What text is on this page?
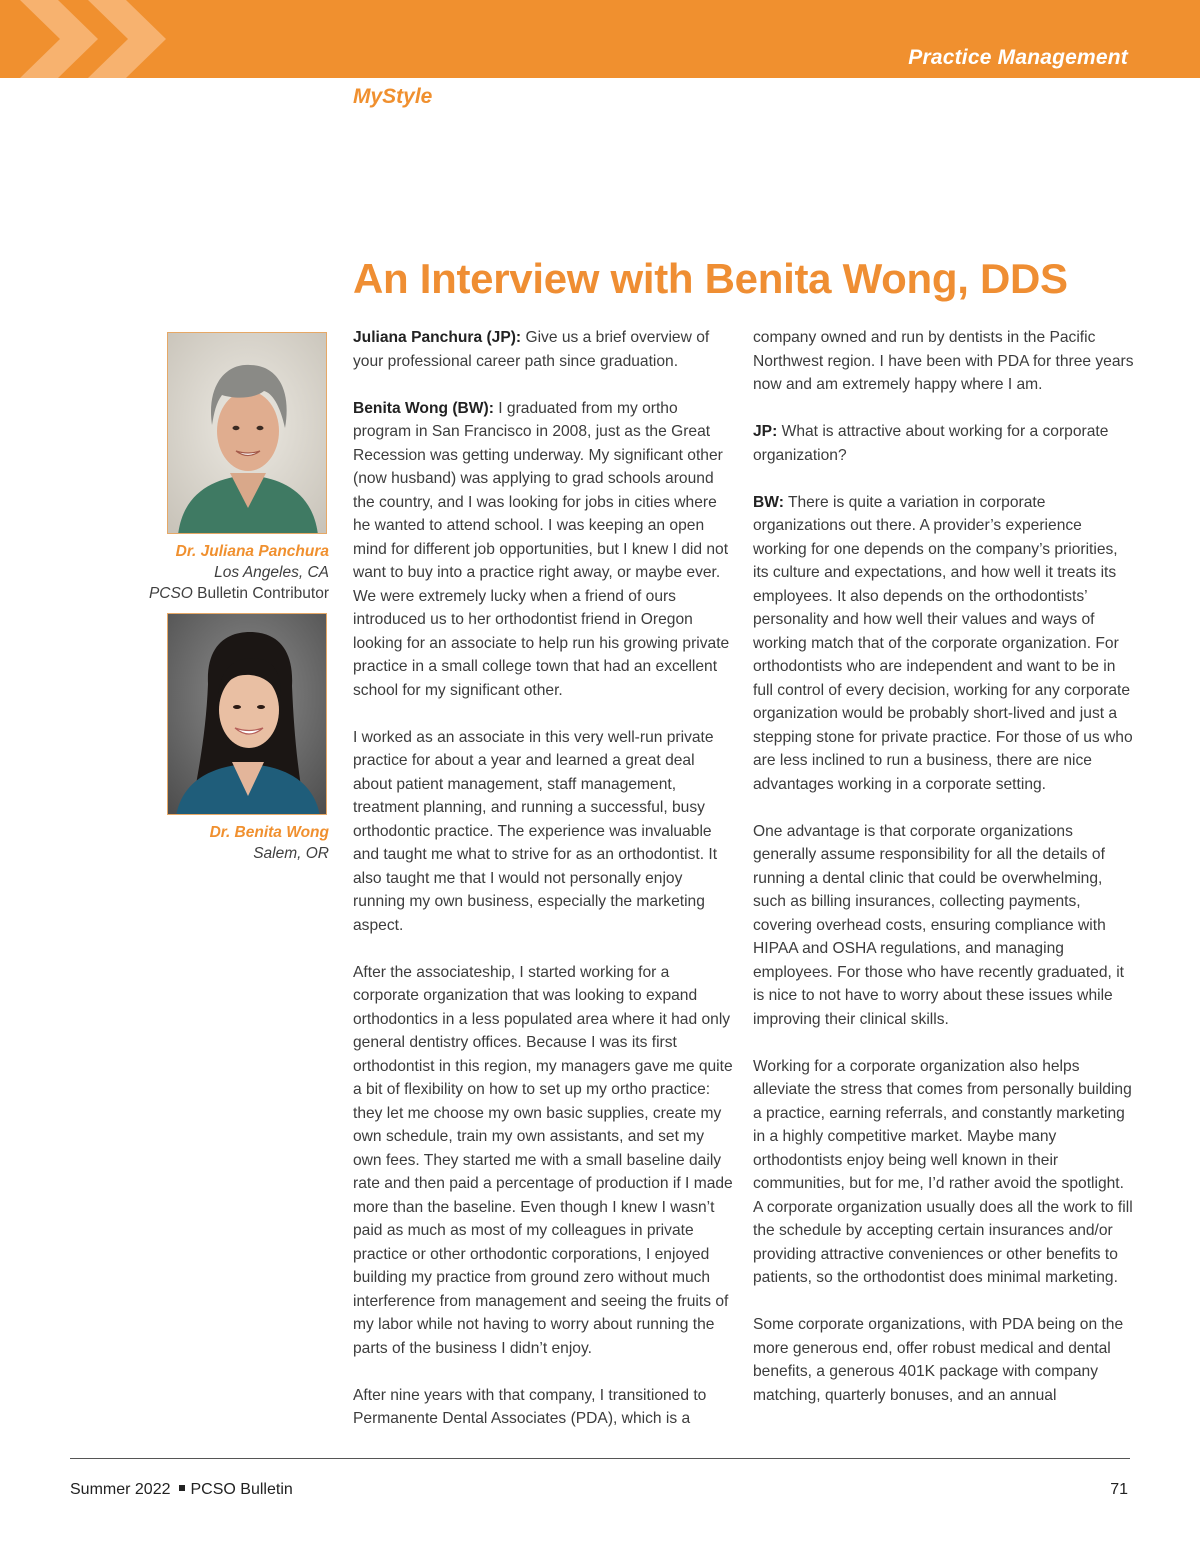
Practice Management
MyStyle
An Interview with Benita Wong, DDS
Dr. Juliana Panchura
Los Angeles, CA
PCSO Bulletin Contributor
Dr. Benita Wong
Salem, OR

Juliana Panchura (JP): Give us a brief overview of your professional career path since graduation.

Benita Wong (BW): I graduated from my ortho program in San Francisco in 2008, just as the Great Recession was getting underway. My significant other (now husband) was applying to grad schools around the country, and I was looking for jobs in cities where he wanted to attend school. I was keeping an open mind for different job opportunities, but I knew I did not want to buy into a practice right away, or maybe ever. We were extremely lucky when a friend of ours introduced us to her orthodontist friend in Oregon looking for an associate to help run his growing private practice in a small college town that had an excellent school for my significant other.

I worked as an associate in this very well-run private practice for about a year and learned a great deal about patient management, staff management, treatment planning, and running a successful, busy orthodontic practice. The experience was invaluable and taught me what to strive for as an orthodontist. It also taught me that I would not personally enjoy running my own business, especially the marketing aspect.

After the associateship, I started working for a corporate organization that was looking to expand orthodontics in a less populated area where it had only general dentistry offices. Because I was its first orthodontist in this region, my managers gave me quite a bit of flexibility on how to set up my ortho practice: they let me choose my own basic supplies, create my own schedule, train my own assistants, and set my own fees. They started me with a small baseline daily rate and then paid a percentage of production if I made more than the baseline. Even though I knew I wasn’t paid as much as most of my colleagues in private practice or other orthodontic corporations, I enjoyed building my practice from ground zero without much interference from management and seeing the fruits of my labor while not having to worry about running the parts of the business I didn’t enjoy.

After nine years with that company, I transitioned to Permanente Dental Associates (PDA), which is a

company owned and run by dentists in the Pacific Northwest region. I have been with PDA for three years now and am extremely happy where I am.

JP: What is attractive about working for a corporate organization?

BW: There is quite a variation in corporate organizations out there. A provider’s experience working for one depends on the company’s priorities, its culture and expectations, and how well it treats its employees. It also depends on the orthodontists’ personality and how well their values and ways of working match that of the corporate organization. For orthodontists who are independent and want to be in full control of every decision, working for any corporate organization would be probably short-lived and just a stepping stone for private practice. For those of us who are less inclined to run a business, there are nice advantages working in a corporate setting.

One advantage is that corporate organizations generally assume responsibility for all the details of running a dental clinic that could be overwhelming, such as billing insurances, collecting payments, covering overhead costs, ensuring compliance with HIPAA and OSHA regulations, and managing employees. For those who have recently graduated, it is nice to not have to worry about these issues while improving their clinical skills.

Working for a corporate organization also helps alleviate the stress that comes from personally building a practice, earning referrals, and constantly marketing in a highly competitive market. Maybe many orthodontists enjoy being well known in their communities, but for me, I’d rather avoid the spotlight. A corporate organization usually does all the work to fill the schedule by accepting certain insurances and/or providing attractive conveniences or other benefits to patients, so the orthodontist does minimal marketing.

Some corporate organizations, with PDA being on the more generous end, offer robust medical and dental benefits, a generous 401K package with company matching, quarterly bonuses, and an annual

Summer 2022 PCSO Bulletin	71
